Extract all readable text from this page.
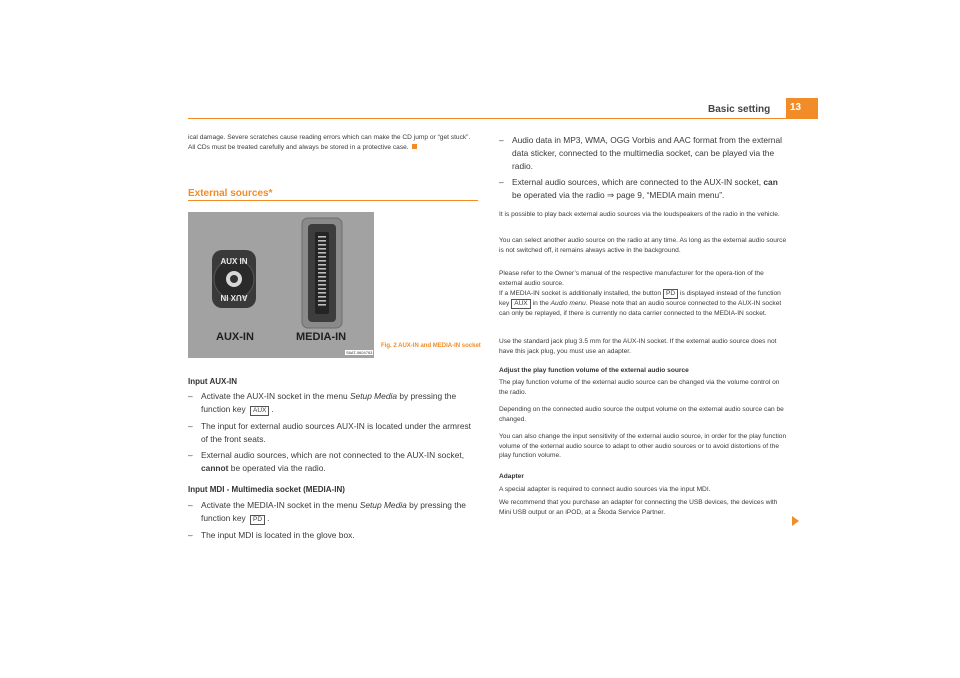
Basic setting	13
ical damage. Severe scratches cause reading errors which can make the CD jump or “get stuck”. All CDs must be treated carefully and always be stored in a protective case.
External sources*
AUX IN
AUX IN
AUX-IN	MEDIA-IN
S6AT-0604763
Fig. 2 AUX-IN and MEDIA-IN socket
Input AUX-IN
– Activate the AUX-IN socket in the menu Setup Media by pressing the function key AUX .
– The input for external audio sources AUX-IN is located under the armrest of the front seats.
– External audio sources, which are not connected to the AUX-IN socket, cannot be operated via the radio.
Input MDI - Multimedia socket (MEDIA-IN)
– Activate the MEDIA-IN socket in the menu Setup Media by pressing the function key PD .
– The input MDI is located in the glove box.
– Audio data in MP3, WMA, OGG Vorbis and AAC format from the external data sticker, connected to the multimedia socket, can be played via the radio.
– External audio sources, which are connected to the AUX-IN socket, can be operated via the radio ⇒ page 9, “MEDIA main menu”.
It is possible to play back external audio sources via the loudspeakers of the radio in the vehicle.
You can select another audio source on the radio at any time. As long as the external audio source is not switched off, it remains always active in the background.
Please refer to the Owner’s manual of the respective manufacturer for the opera-tion of the external audio source.
If a MEDIA-IN socket is additionally installed, the button PD is displayed instead of the function key AUX in the Audio menu. Please note that an audio source connected to the AUX-IN socket can only be replayed, if there is currently no data carrier connected to the MEDIA-IN socket.
Use the standard jack plug 3.5 mm for the AUX-IN socket. If the external audio source does not have this jack plug, you must use an adapter.
Adjust the play function volume of the external audio source
The play function volume of the external audio source can be changed via the volume control on the radio.
Depending on the connected audio source the output volume on the external audio source can be changed.
You can also change the input sensitivity of the external audio source, in order for the play function volume of the external audio source to adapt to other audio sources or to avoid distortions of the play function volume.
Adapter
A special adapter is required to connect audio sources via the input MDI.
We recommend that you purchase an adapter for connecting the USB devices, the devices with Mini USB output or an iPOD, at a Škoda Service Partner.
